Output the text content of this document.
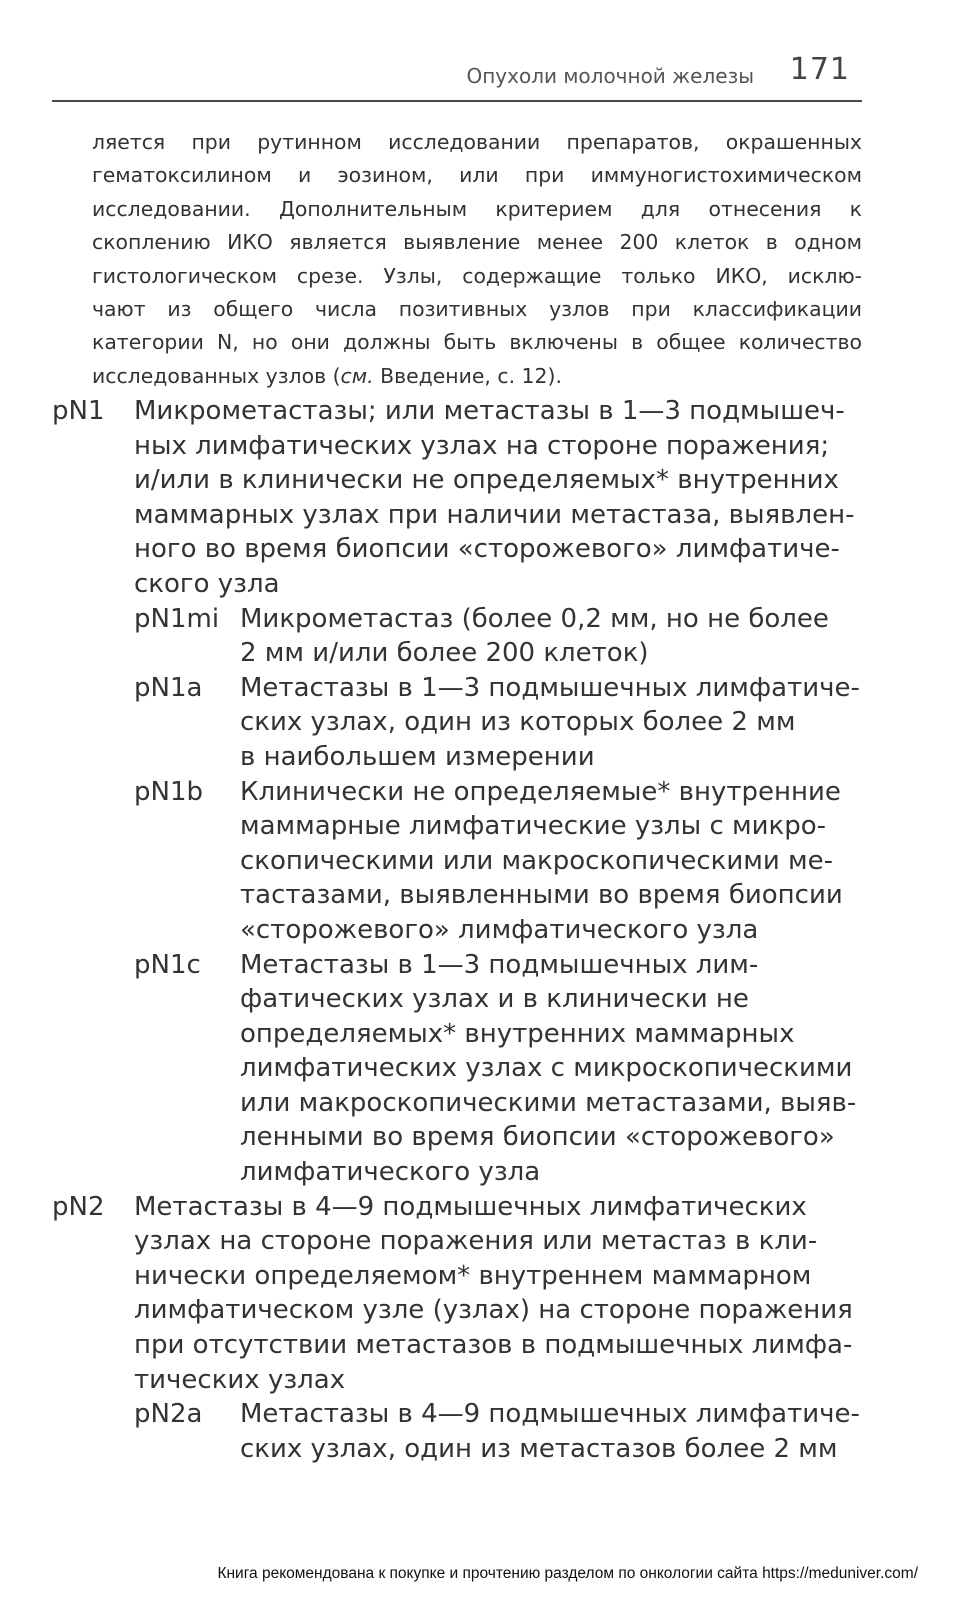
Опухоли молочной железы 171
ляется при рутинном исследовании препаратов, окрашенных
гематоксилином и эозином, или при иммуногистохимическом
исследовании. Дополнительным критерием для отнесения к
скоплению ИКО является выявление менее 200 клеток в одном
гистологическом срезе. Узлы, содержащие только ИКО, исклю-
чают из общего числа позитивных узлов при классификации
категории N, но они должны быть включены в общее количество
исследованных узлов (см. Введение, с. 12).
pN1	Микрометастазы; или метастазы в 1—3 подмышеч-
ных лимфатических узлах на стороне поражения;
и/или в клинически не определяемых* внутренних
маммарных узлах при наличии метастаза, выявлен-
ного во время биопсии «сторожевого» лимфатиче-
ского узла
pN1mi Микрометастаз (более 0,2 мм, но не более
2 мм и/или более 200 клеток)
pN1a	Метастазы в 1—3 подмышечных лимфатиче-
ских узлах, один из которых более 2 мм
в наибольшем измерении
pN1b	Клинически не определяемые* внутренние
маммарные лимфатические узлы с микро-
скопическими или макроскопическими ме-
тастазами, выявленными во время биопсии
«сторожевого» лимфатического узла
pN1c	Метастазы в 1—3 подмышечных лим-
фатических узлах и в клинически не
определяемых* внутренних маммарных
лимфатических узлах с микроскопическими
или макроскопическими метастазами, выяв-
ленными во время биопсии «сторожевого»
лимфатического узла
pN2	Метастазы в 4—9 подмышечных лимфатических
узлах на стороне поражения или метастаз в кли-
нически определяемом* внутреннем маммарном
лимфатическом узле (узлах) на стороне поражения
при отсутствии метастазов в подмышечных лимфа-
тических узлах
pN2a	Метастазы в 4—9 подмышечных лимфатиче-
ских узлах, один из метастазов более 2 мм
Книга рекомендована к покупке и прочтению разделом по онкологии сайта https://meduniver.com/
